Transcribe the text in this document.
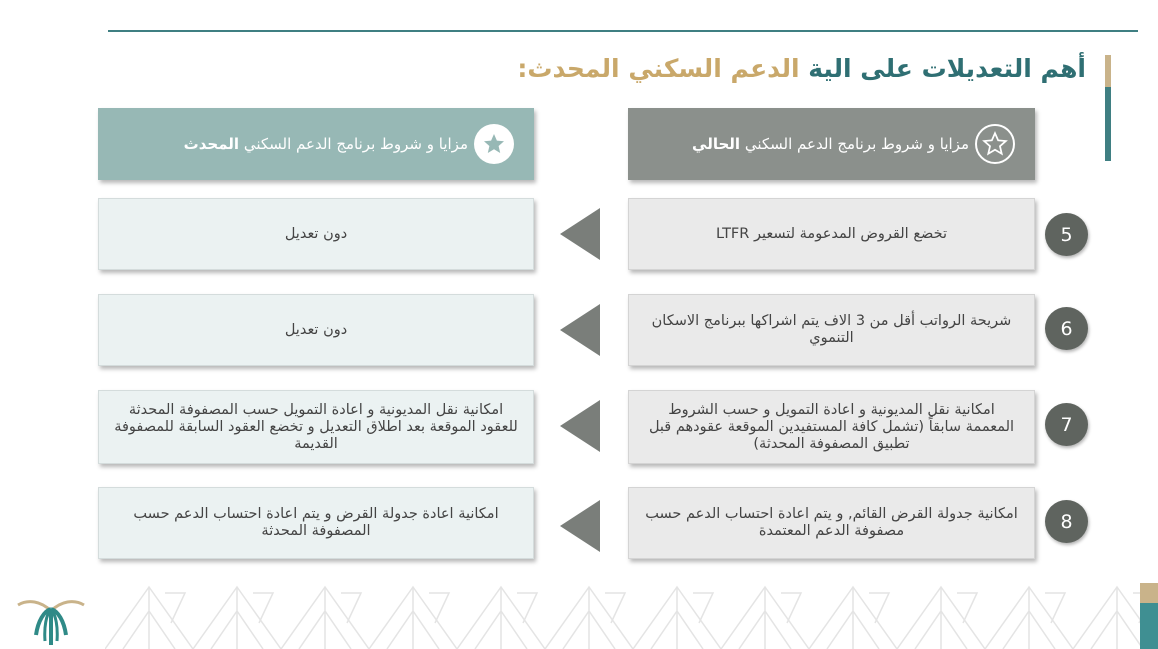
أهم التعديلات على الية الدعم السكني المحدث:
مزايا و شروط برنامج الدعم السكني الحالي
مزايا و شروط برنامج الدعم السكني المحدث
5
تخضع القروض المدعومة لتسعير LTFR
دون تعديل
6
شريحة الرواتب أقل من 3 الاف يتم اشراكها ببرنامج الاسكان التنموي
دون تعديل
7
امكانية نقل المديونية و اعادة التمويل و حسب الشروط المعممة سابقاً (تشمل كافة المستفيدين الموقعة عقودهم قبل تطبيق المصفوفة المحدثة)
امكانية نقل المديونية و اعادة التمويل حسب المصفوفة المحدثة للعقود الموقعة بعد اطلاق التعديل و تخضع العقود السابقة للمصفوفة القديمة
8
امكانية جدولة القرض القائم, و يتم اعادة احتساب الدعم حسب مصفوفة الدعم المعتمدة
امكانية اعادة جدولة القرض و يتم اعادة احتساب الدعم حسب المصفوفة المحدثة
